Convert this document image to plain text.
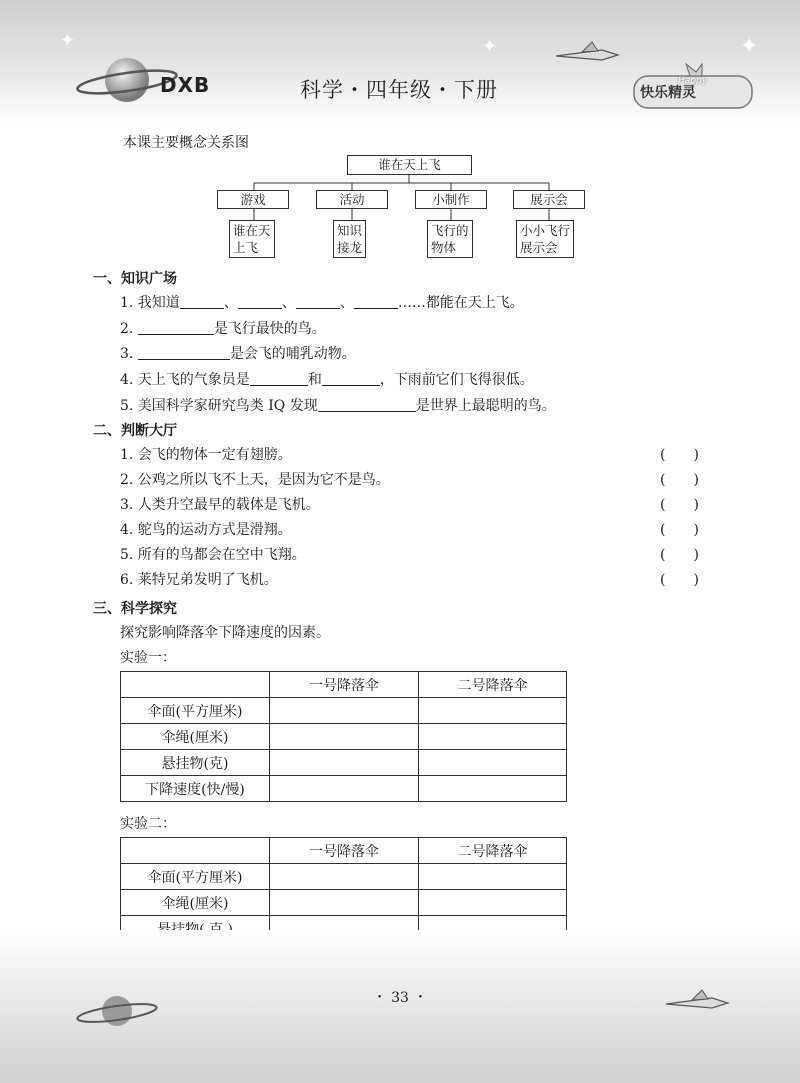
✦	✦	✦
DXB	科学・四年级・下册	快乐精灵
Happy
本课主要概念关系图
谁在天上飞
游戏	活动	小制作	展示会
谁在天
上飞
知识
接龙
飞行的
物体
小小飞行
展示会
一、知识广场
1. 我知道	、	、	、	……都能在天上飞。
2.	是飞行最快的鸟。
3.	是会飞的哺乳动物。
4. 天上飞的气象员是	和	，下雨前它们飞得很低。
5. 美国科学家研究鸟类 IQ 发现	是世界上最聪明的鸟。
二、判断大厅
1. 会飞的物体一定有翅膀。	(　　)
2. 公鸡之所以飞不上天，是因为它不是鸟。	(　　)
3. 人类升空最早的载体是飞机。	(　　)
4. 鸵鸟的运动方式是滑翔。	(　　)
5. 所有的鸟都会在空中飞翔。	(　　)
6. 莱特兄弟发明了飞机。	(　　)
三、科学探究
探究影响降落伞下降速度的因素。
实验一：
	一号降落伞	二号降落伞
伞面(平方厘米)		
伞绳(厘米)		
悬挂物(克)		
下降速度(快/慢)		
实验二：
	一号降落伞	二号降落伞
伞面(平方厘米)		
伞绳(厘米)		

・ 33 ・
